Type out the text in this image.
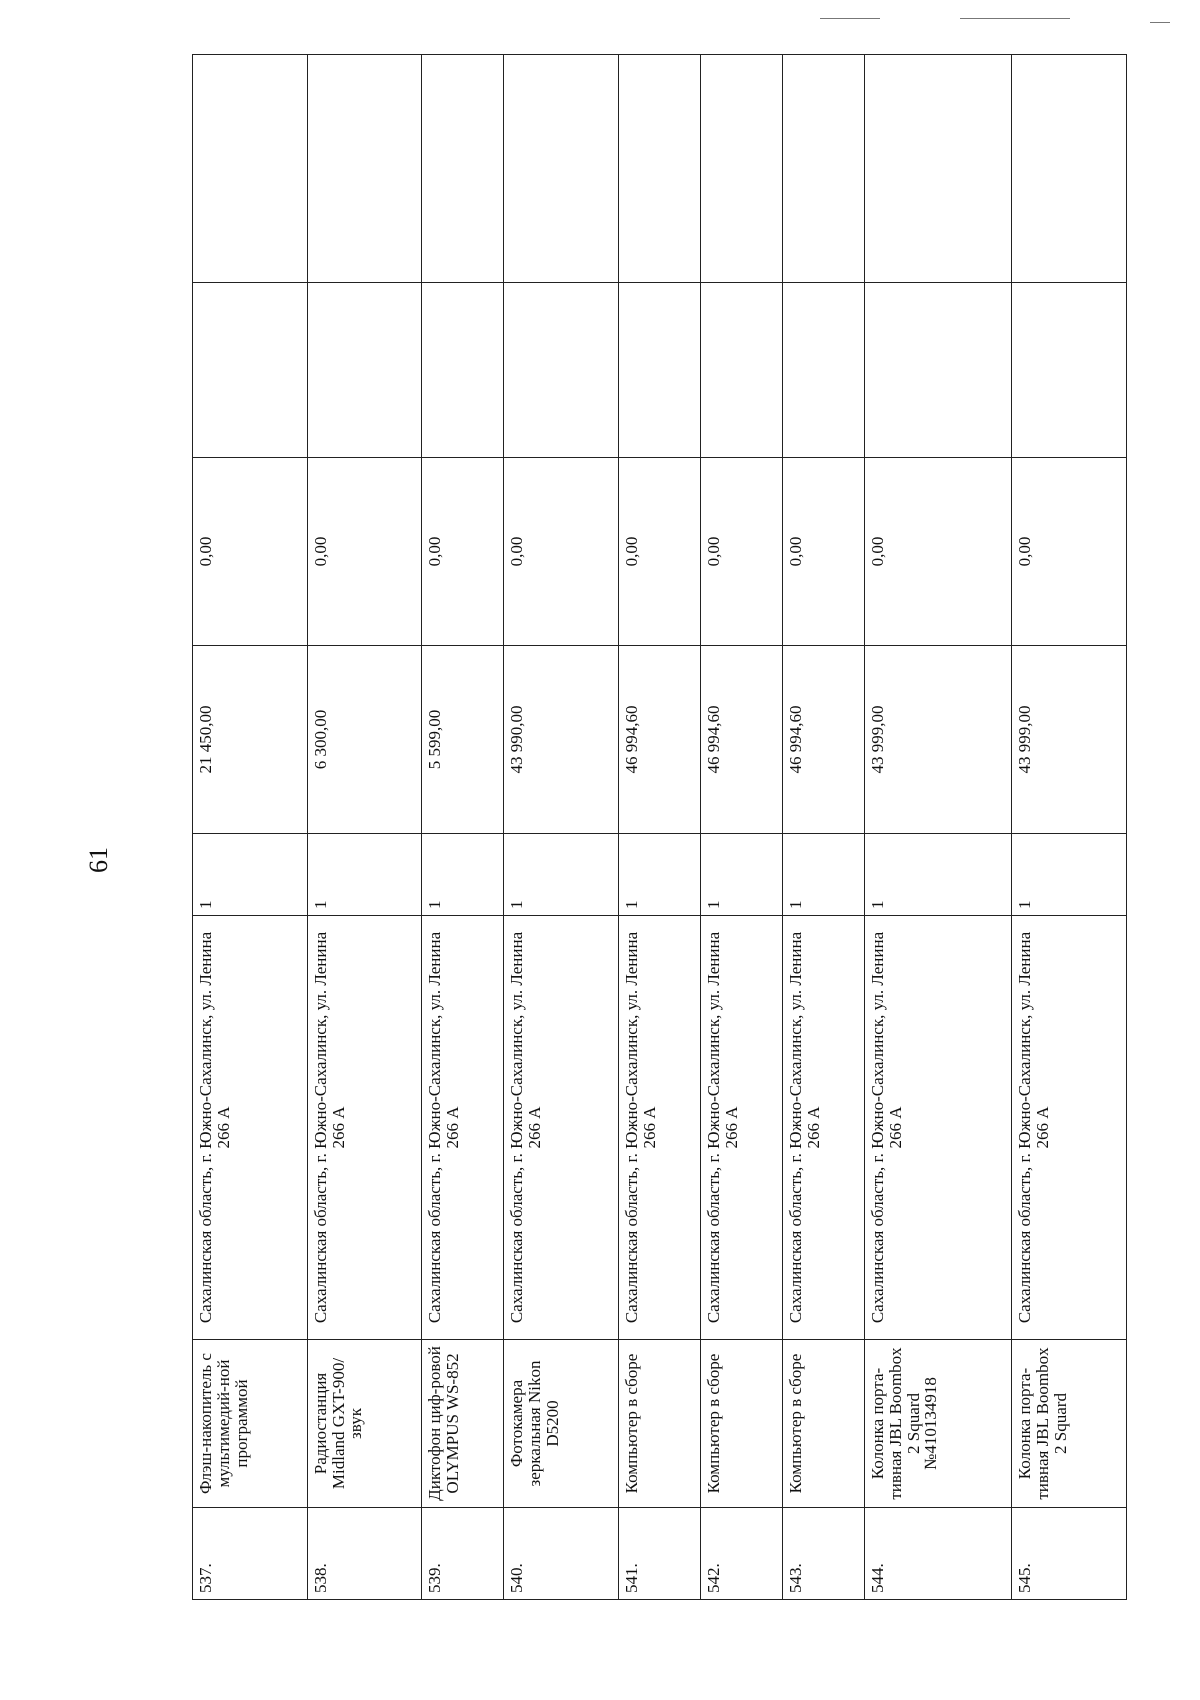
61
537.	Флэш-накопитель с мультимедий-ной программой	Сахалинская область, г. Южно-Сахалинск, ул. Ленина 266 А	1	21 450,00	0,00		
538.	Радиостанция Midland GXT-900/звук	Сахалинская область, г. Южно-Сахалинск, ул. Ленина 266 А	1	6 300,00	0,00		
539.	Диктофон циф-ровой OLYMPUS WS-852	Сахалинская область, г. Южно-Сахалинск, ул. Ленина 266 А	1	5 599,00	0,00		
540.	Фотокамера зеркальная Nikon D5200	Сахалинская область, г. Южно-Сахалинск, ул. Ленина 266 А	1	43 990,00	0,00		
541.	Компьютер в сборе	Сахалинская область, г. Южно-Сахалинск, ул. Ленина 266 А	1	46 994,60	0,00		
542.	Компьютер в сборе	Сахалинская область, г. Южно-Сахалинск, ул. Ленина 266 А	1	46 994,60	0,00		
543.	Компьютер в сборе	Сахалинская область, г. Южно-Сахалинск, ул. Ленина 266 А	1	46 994,60	0,00		
544.	Колонка порта-тивная JBL Boombox 2 Squard №410134918	Сахалинская область, г. Южно-Сахалинск, ул. Ленина 266 А	1	43 999,00	0,00		
545.	Колонка порта-тивная JBL Boombox 2 Squard	Сахалинская область, г. Южно-Сахалинск, ул. Ленина 266 А	1	43 999,00	0,00		
